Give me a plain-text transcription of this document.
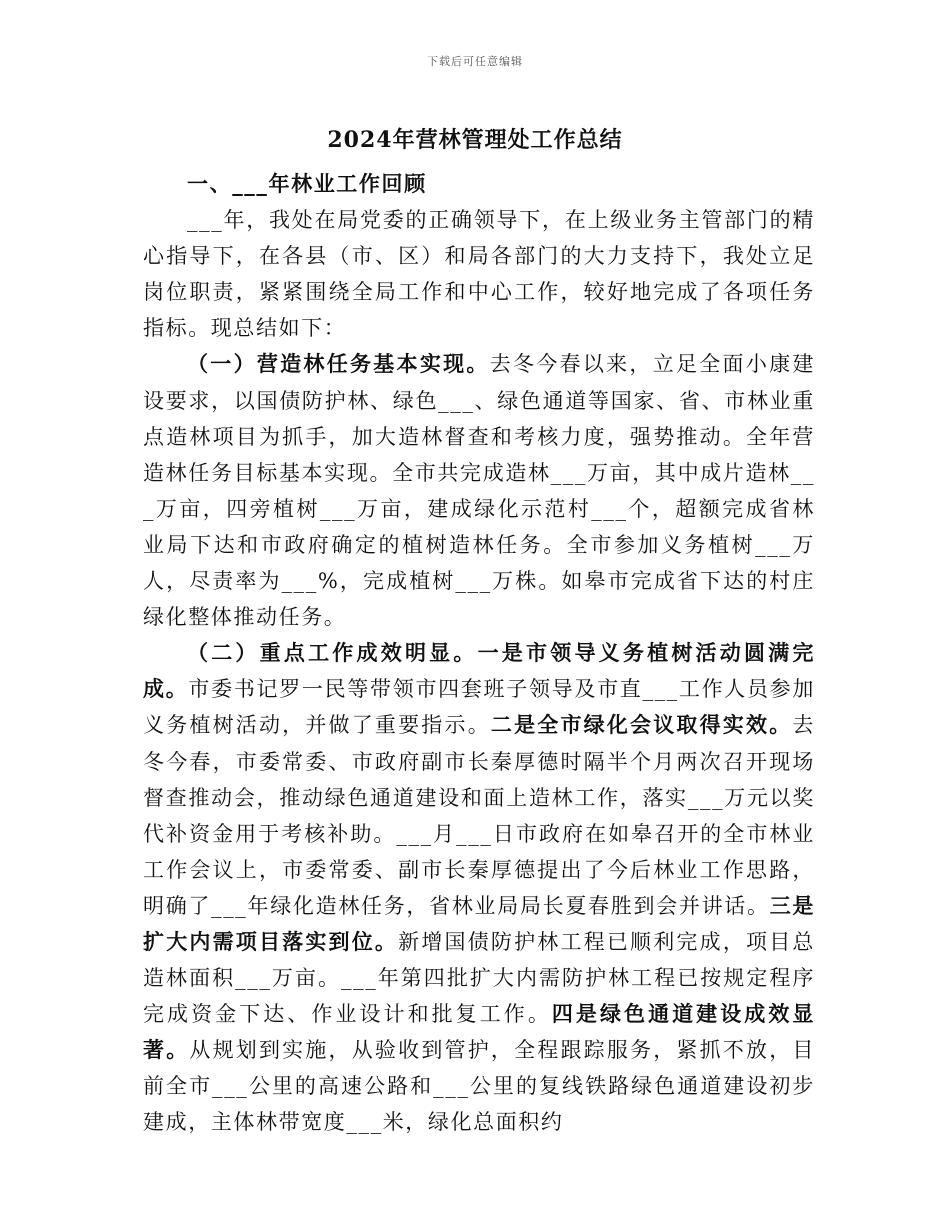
下载后可任意编辑
2024年营林管理处工作总结

一、___年林业工作回顾

___年，我处在局党委的正确领导下，在上级业务主管部门的精心指导下，在各县（市、区）和局各部门的大力支持下，我处立足岗位职责，紧紧围绕全局工作和中心工作，较好地完成了各项任务指标。现总结如下：

（一）营造林任务基本实现。去冬今春以来，立足全面小康建设要求，以国债防护林、绿色___、绿色通道等国家、省、市林业重点造林项目为抓手，加大造林督查和考核力度，强势推动。全年营造林任务目标基本实现。全市共完成造林___万亩，其中成片造林___万亩，四旁植树___万亩，建成绿化示范村___个，超额完成省林业局下达和市政府确定的植树造林任务。全市参加义务植树___万人，尽责率为___%，完成植树___万株。如皋市完成省下达的村庄绿化整体推动任务。

（二）重点工作成效明显。一是市领导义务植树活动圆满完成。市委书记罗一民等带领市四套班子领导及市直___工作人员参加义务植树活动，并做了重要指示。二是全市绿化会议取得实效。去冬今春，市委常委、市政府副市长秦厚德时隔半个月两次召开现场督查推动会，推动绿色通道建设和面上造林工作，落实___万元以奖代补资金用于考核补助。___月___日市政府在如皋召开的全市林业工作会议上，市委常委、副市长秦厚德提出了今后林业工作思路，明确了___年绿化造林任务，省林业局局长夏春胜到会并讲话。三是扩大内需项目落实到位。新增国债防护林工程已顺利完成，项目总造林面积___万亩。___年第四批扩大内需防护林工程已按规定程序完成资金下达、作业设计和批复工作。四是绿色通道建设成效显著。从规划到实施，从验收到管护，全程跟踪服务，紧抓不放，目前全市___公里的高速公路和___公里的复线铁路绿色通道建设初步建成，主体林带宽度___米，绿化总面积约
